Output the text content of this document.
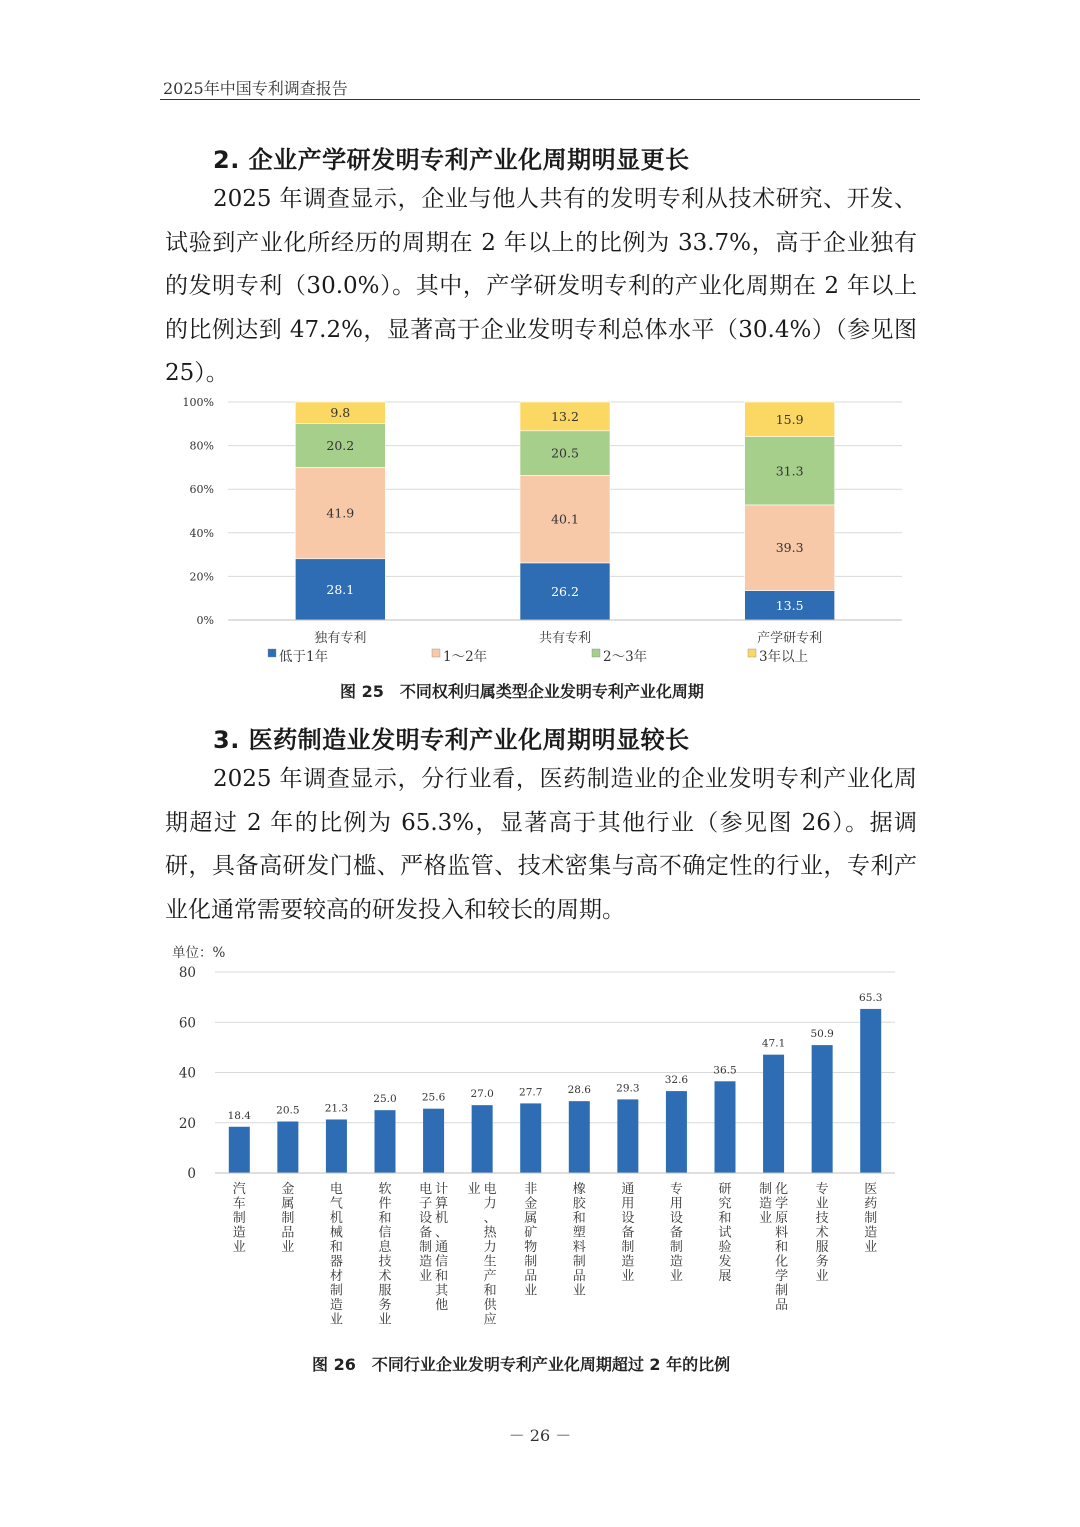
2025年中国专利调查报告
2. 企业产学研发明专利产业化周期明显更长
2025 年调查显示，企业与他人共有的发明专利从技术研究、开发、试验到产业化所经历的周期在 2 年以上的比例为 33.7%，高于企业独有的发明专利（30.0%）。其中，产学研发明专利的产业化周期在 2 年以上的比例达到 47.2%，显著高于企业发明专利总体水平（30.4%）（参见图 25）。
0%
20%
40%
60%
80%
100%
28.1
41.9
20.2
9.8
独有专利
26.2
40.1
20.5
13.2
共有专利
13.5
39.3
31.3
15.9
产学研专利
低于1年	1～2年	2～3年	3年以上
图 25　不同权利归属类型企业发明专利产业化周期
3. 医药制造业发明专利产业化周期明显较长
2025 年调查显示，分行业看，医药制造业的企业发明专利产业化周期超过 2 年的比例为 65.3%，显著高于其他行业（参见图 26）。据调研，具备高研发门槛、严格监管、技术密集与高不确定性的行业，专利产业化通常需要较高的研发投入和较长的周期。
单位：%
0
20
40
60
80
18.4
汽车制造业
20.5
金属制品业
21.3
电气机械和器材制造业
25.0
软件和信息技术服务业
25.6
电子设备制造业
计算机、通信和其他
27.0
业 电力、热力生产和供应
27.7
非金属矿物制品业
28.6
橡胶和塑料制品业
29.3
通用设备制造业
32.6
专用设备制造业
36.5
研究和试验发展
47.1
制造业
化学原料和化学制品
50.9
专业技术服务业
65.3
医药制造业
图 26　不同行业企业发明专利产业化周期超过 2 年的比例
－ 26 －
